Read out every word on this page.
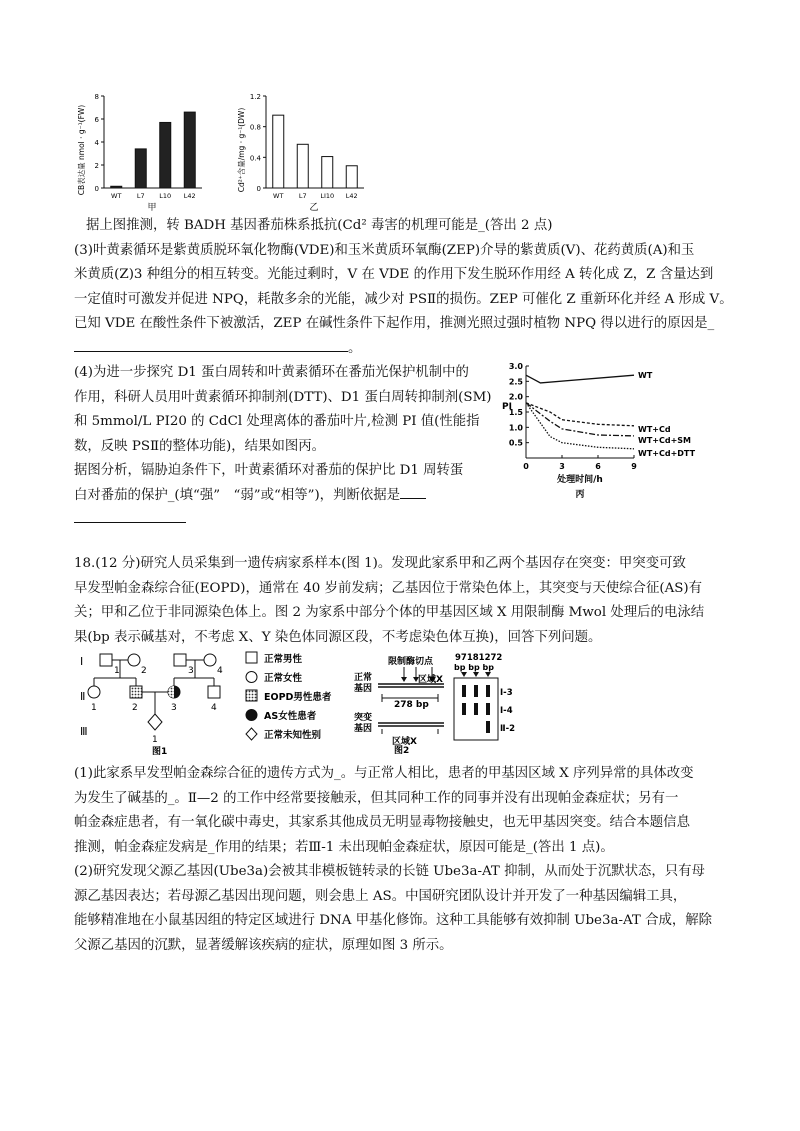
CB表达量 nmol · g⁻¹(FW) 0
2
4
6
8
WT L7 L10 L42
甲
Cd²⁺含量/mg · g⁻¹(DW) 0
0.4
0.8
1.2
WT L7 LI10 L42
乙

据上图推测，转 BADH 基因番茄株系抵抗(Cd² 毒害的机理可能是_(答出 2 点)

(3)叶黄素循环是紫黄质脱环氧化物酶(VDE)和玉米黄质环氧酶(ZEP)介导的紫黄质(V)、花药黄质(A)和玉

米黄质(Z)3 种组分的相互转变。光能过剩时，V 在 VDE 的作用下发生脱环作用经 A 转化成 Z，Z 含量达到

一定值时可激发并促进 NPQ，耗散多余的光能，减少对 PSⅡ的损伤。ZEP 可催化 Z 重新环化并经 A 形成 V。

已知 VDE 在酸性条件下被激活，ZEP 在碱性条件下起作用，推测光照过强时植物 NPQ 得以进行的原因是_

。

(4)为进一步探究 D1 蛋白周转和叶黄素循环在番茄光保护机制中的

作用，科研人员用叶黄素循环抑制剂(DTT)、D1 蛋白周转抑制剂(SM)

和 5mmol/L PI20 的 CdCl 处理离体的番茄叶片,检测 PI 值(性能指

数，反映 PSⅡ的整体功能)，结果如图丙。

据图分析，镉胁迫条件下，叶黄素循环对番茄的保护比 D1 周转蛋

白对番茄的保护_(填“强”　“弱”或“相等”)，判断依据是

PI
0.5
1.0
1.5
2.0
2.5
3.0
0	3	6	9
WT
WT+Cd
WT+Cd+SM
WT+Cd+DTT
处理时间/h
丙

18.(12 分)研究人员采集到一遗传病家系样本(图 1)。发现此家系甲和乙两个基因存在突变：甲突变可致

早发型帕金森综合征(EOPD)，通常在 40 岁前发病；乙基因位于常染色体上，其突变与天使综合征(AS)有

关；甲和乙位于非同源染色体上。图 2 为家系中部分个体的甲基因区域 X 用限制酶 Mwol 处理后的电泳结

果(bp 表示碱基对，不考虑 X、Y 染色体同源区段，不考虑染色体互换)，回答下列问题。

Ⅰ
Ⅱ
Ⅲ
1 2	3	4
1	2	3	4
1
正常男性
正常女性
EOPD男性患者
AS女性患者
正常未知性别
图1
限制酶切点
正常
基因
区域X
278 bp
突变
基因
区域X
图2
97181272
bp bp bp
Ⅰ-3
Ⅰ-4
Ⅱ-2

(1)此家系早发型帕金森综合征的遗传方式为_。与正常人相比，患者的甲基因区域 X 序列异常的具体改变

为发生了碱基的_。Ⅱ—2 的工作中经常要接触汞，但其同种工作的同事并没有出现帕金森症状；另有一

帕金森症患者，有一氧化碳中毒史，其家系其他成员无明显毒物接触史，也无甲基因突变。结合本题信息

推测，帕金森症发病是_作用的结果；若Ⅲ-1 未出现帕金森症状，原因可能是_(答出 1 点)。

(2)研究发现父源乙基因(Ube3a)会被其非模板链转录的长链 Ube3a-AT 抑制，从而处于沉默状态，只有母

源乙基因表达；若母源乙基因出现问题，则会患上 AS。中国研究团队设计并开发了一种基因编辑工具，

能够精准地在小鼠基因组的特定区域进行 DNA 甲基化修饰。这种工具能够有效抑制 Ube3a-AT 合成，解除

父源乙基因的沉默，显著缓解该疾病的症状，原理如图 3 所示。
